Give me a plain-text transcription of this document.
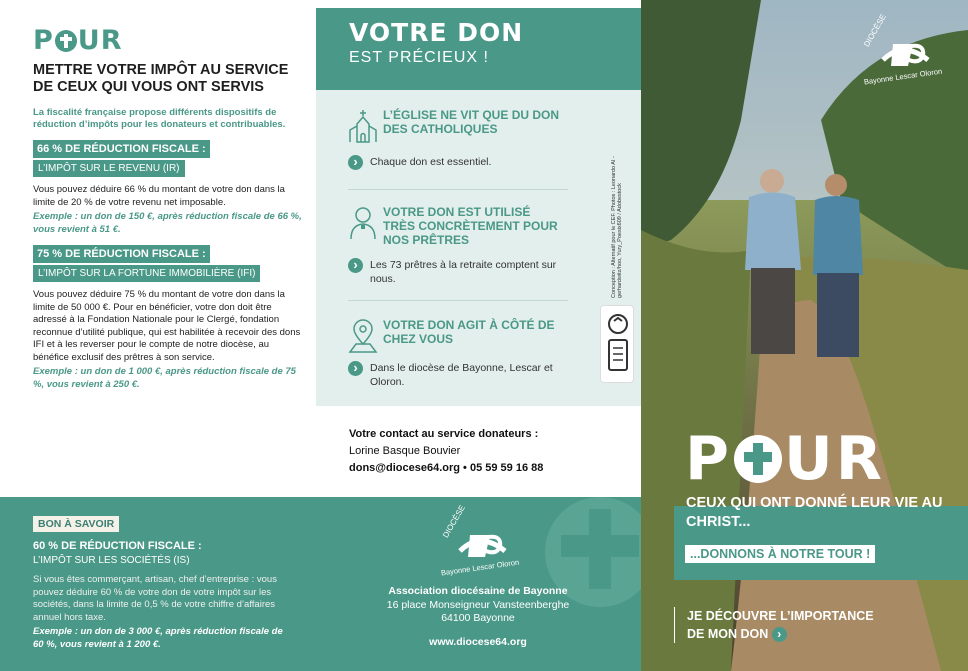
P UR
METTRE VOTRE IMPÔT AU SERVICE DE CEUX QUI VOUS ONT SERVIS
La fiscalité française propose différents dispositifs de réduction d’impôts pour les donateurs et contribuables.
66 % DE RÉDUCTION FISCALE :
L’IMPÔT SUR LE REVENU (IR)
Vous pouvez déduire 66 % du montant de votre don dans la limite de 20 % de votre revenu net imposable.
Exemple : un don de 150 €, après réduction fiscale de 66 %, vous revient à 51 €.
75 % DE RÉDUCTION FISCALE :
L’IMPÔT SUR LA FORTUNE IMMOBILIÈRE (IFI)
Vous pouvez déduire 75 % du montant de votre don dans la limite de 50 000 €. Pour en bénéficier, votre don doit être adressé à la Fondation Nationale pour le Clergé, fondation reconnue d’utilité publique, qui est habilitée à recevoir des dons IFI et à les reverser pour le compte de notre diocèse, au bénéfice exclusif des prêtres à son service.
Exemple : un don de 1 000 €, après réduction fiscale de 75 %, vous revient à 250 €.
BON À SAVOIR
60 % DE RÉDUCTION FISCALE :
L’IMPÔT SUR LES SOCIÉTÉS (IS)
Si vous êtes commerçant, artisan, chef d’entreprise : vous pouvez déduire 60 % de votre don de votre impôt sur les sociétés, dans la limite de 0,5 % de votre chiffre d’affaires annuel hors taxe.
Exemple : un don de 3 000 €, après réduction fiscale de 60 %, vous revient à 1 200 €.
DIOCÈSE
Bayonne Lescar Oloron
Association diocésaine de Bayonne
16 place Monseigneur Vansteenberghe
64100 Bayonne
www.diocese64.org
VOTRE DON
EST PRÉCIEUX !
L’ÉGLISE NE VIT QUE DU DON DES CATHOLIQUES
› Chaque don est essentiel.
VOTRE DON EST UTILISÉ TRÈS CONCRÈTEMENT POUR NOS PRÊTRES
› Les 73 prêtres à la retraite comptent sur nous.
VOTRE DON AGIT À CÔTÉ DE CHEZ VOUS
› Dans le diocèse de Bayonne, Lescar et Oloron.
Conception : Alternatif pour le CEF. Photos : Leonardo AI - gerhardwitz/hoo, Yury_Poesix609 / Adobestock
Votre contact au service donateurs :
Lorine Basque Bouvier
dons@diocese64.org • 05 59 59 16 88
DIOCÈSE
Bayonne Lescar Oloron
P UR
CEUX QUI ONT DONNÉ LEUR VIE AU CHRIST...
...DONNONS À NOTRE TOUR !
JE DÉCOUVRE L’IMPORTANCE
DE MON DON ›
